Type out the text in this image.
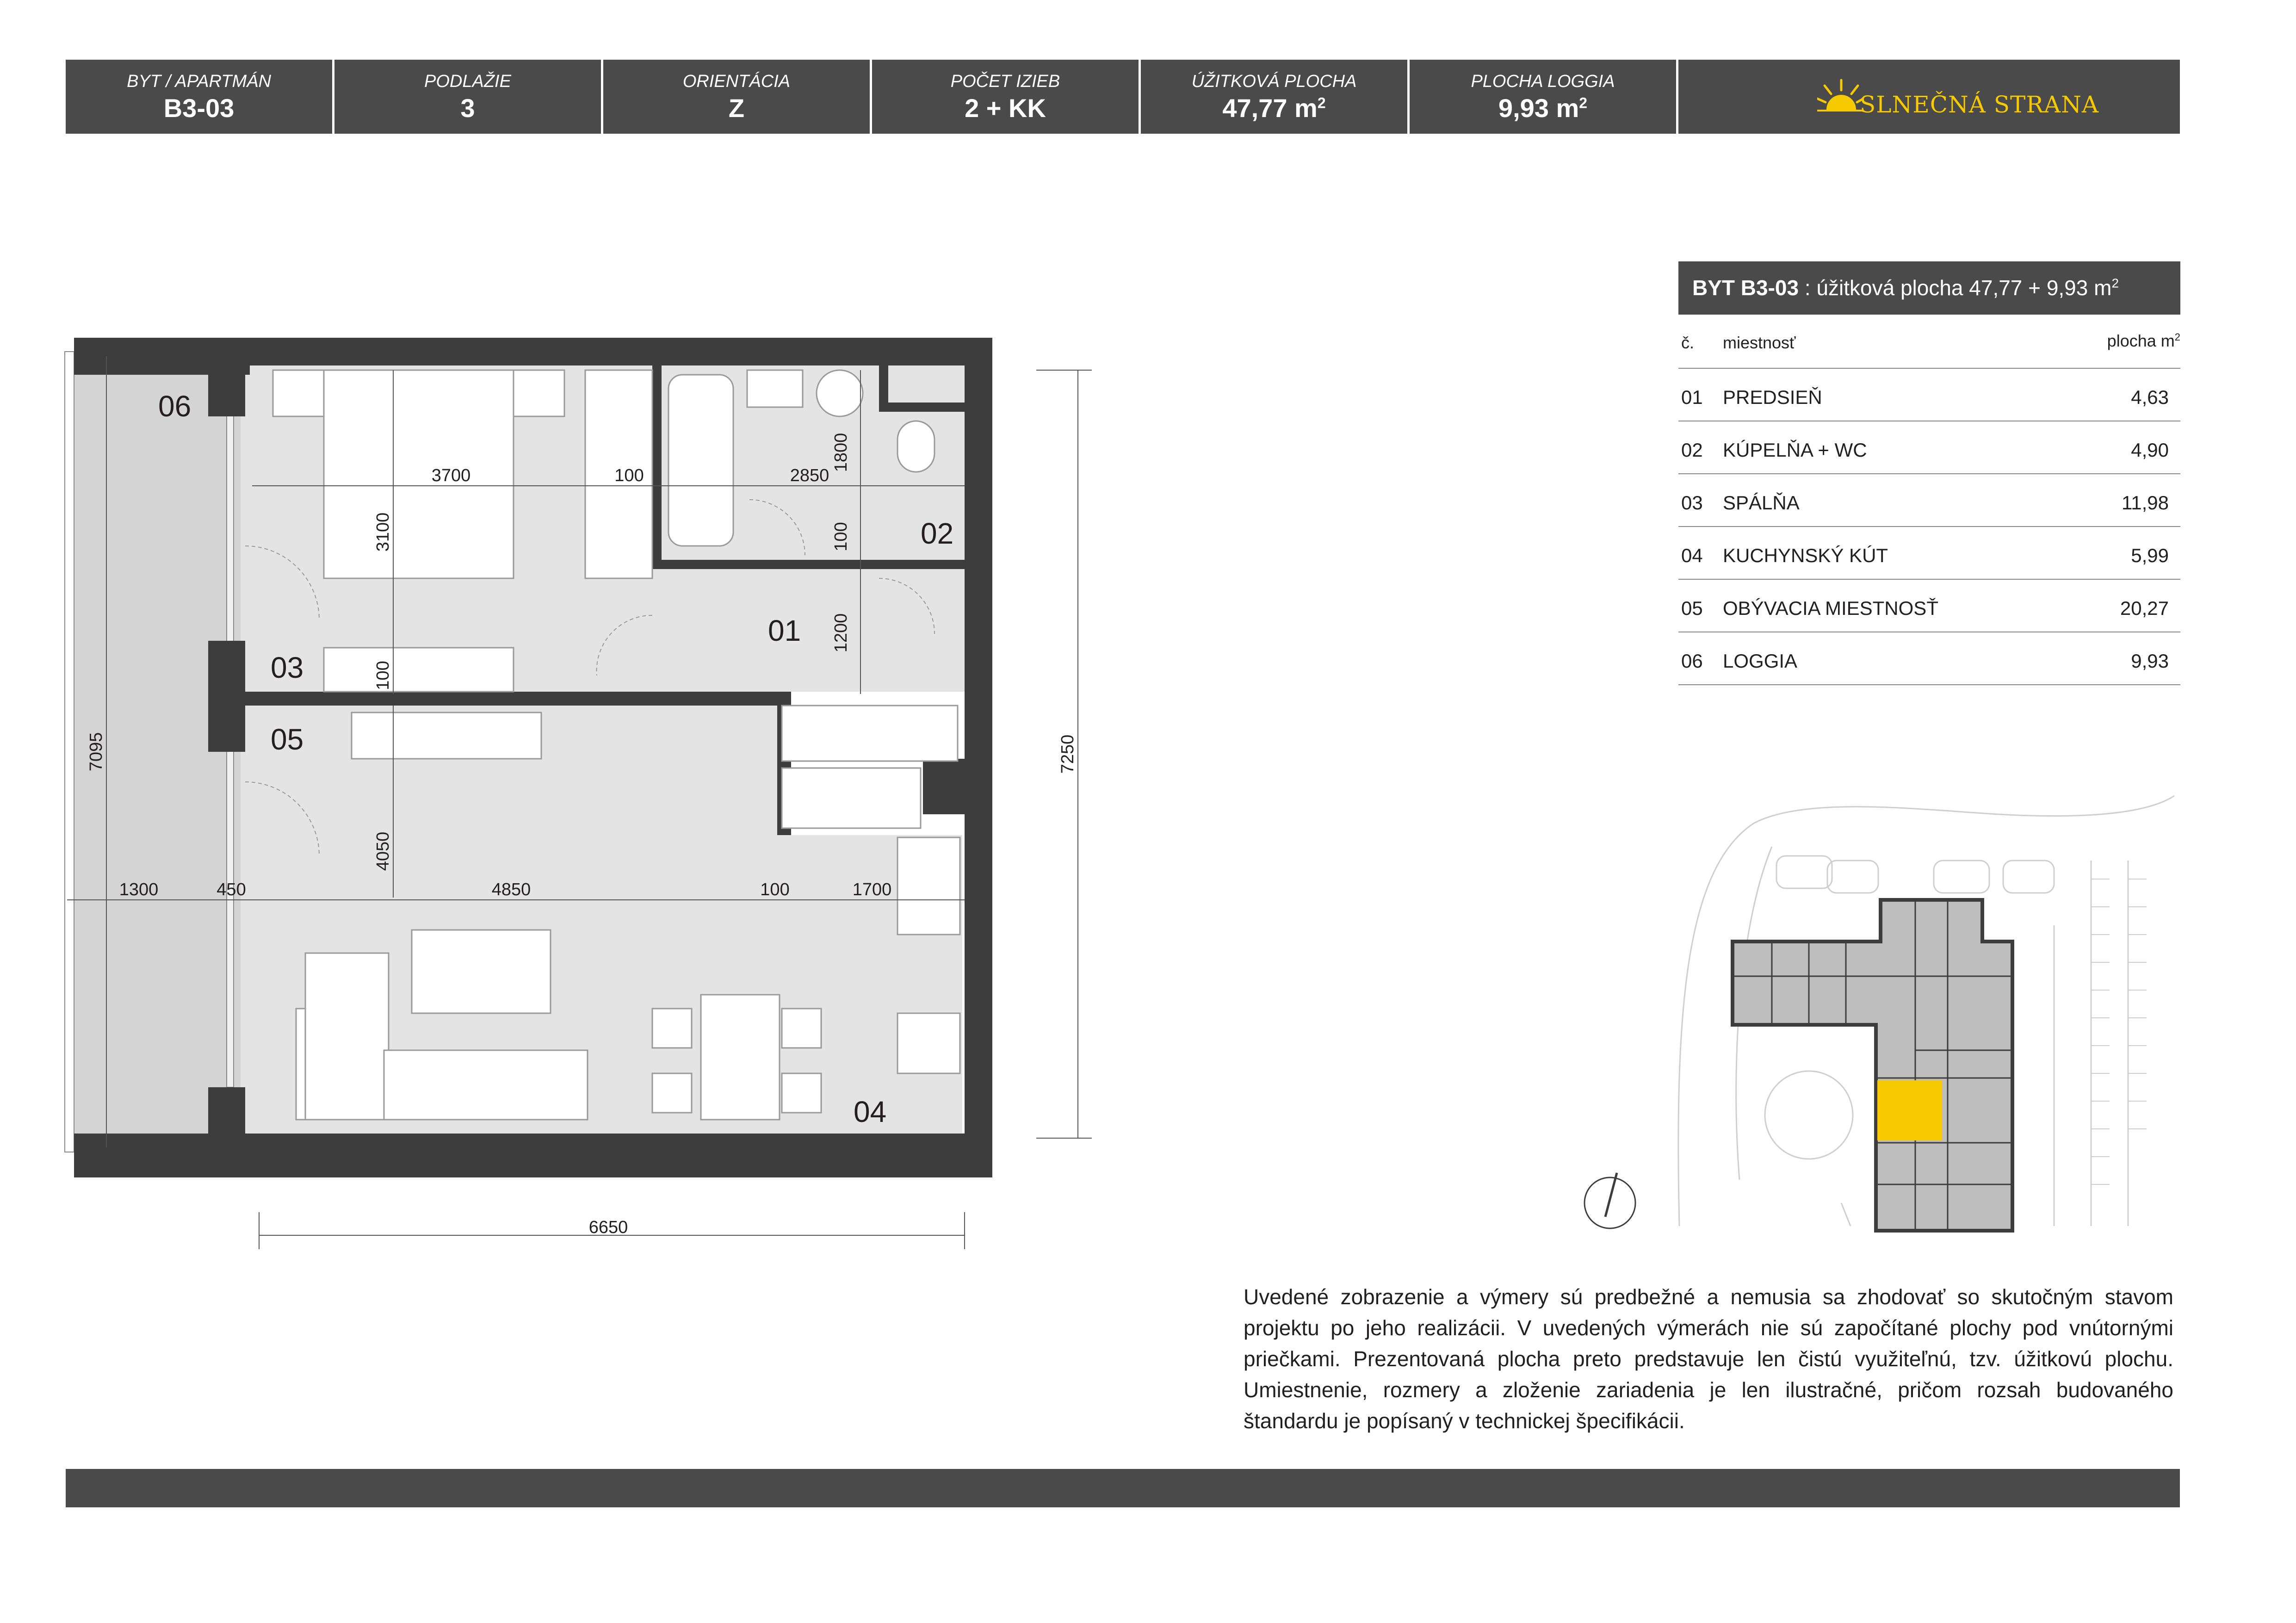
BYT / APARTMÁN
B3-03
PODLAŽIE
3
ORIENTÁCIA
Z
POČET IZIEB
2 + KK
ÚŽITKOVÁ PLOCHA
47,77 $m^2$
PLOCHA LOGGIA
9,93 $m^2$	SLNEČNÁ STRANA
3700	100	2850
1800
100
3100
1200
100
4050
7095	7250
1300	450	4850	100	1700
6650
06
03
05
01
02
04
BYT B3-03 : úžitková plocha 47,77 + 9,93 $m^2$
č. miestnosť	plocha $m^2$
01 PREDSIEŇ	4,63
02 KÚPELŇA + WC	4,90
03 SPÁLŇA	11,98
04 KUCHYNSKÝ KÚT	5,99
05 OBÝVACIA MIESTNOSŤ	20,27
06 LOGGIA	9,93
Uvedené zobrazenie a výmery sú predbežné a nemusia sa zhodovať so skutočným stavom projektu po jeho realizácii. V uvedených výmerách nie sú započítané plochy pod vnútornými priečkami. Prezentovaná plocha preto predstavuje len čistú využiteľnú, tzv. úžitkovú plochu. Umiestnenie, rozmery a zloženie zariadenia je len ilustračné, pričom rozsah budovaného štandardu je popísaný v technickej špecifikácii.
